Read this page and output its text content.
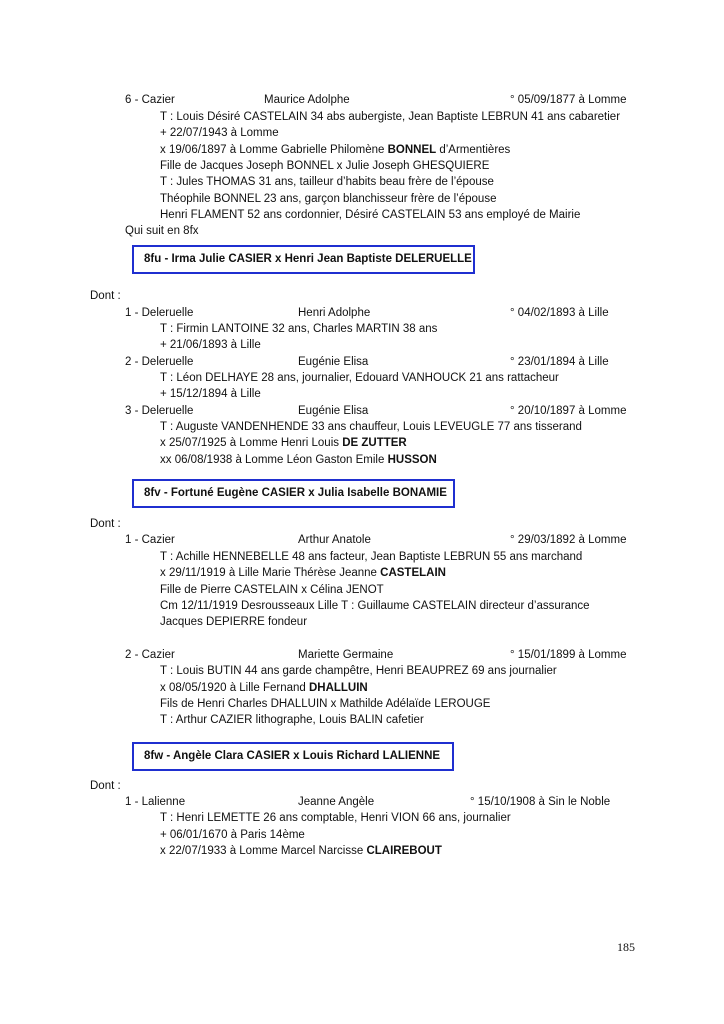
6 - Cazier	Maurice Adolphe	° 05/09/1877 à Lomme
T : Louis Désiré CASTELAIN 34 abs aubergiste, Jean Baptiste LEBRUN 41 ans cabaretier
+ 22/07/1943 à Lomme
x 19/06/1897 à Lomme Gabrielle Philomène BONNEL d’Armentières
Fille de Jacques Joseph BONNEL x Julie Joseph GHESQUIERE
T : Jules THOMAS 31 ans, tailleur d’habits beau frère de l’épouse
Théophile BONNEL 23 ans, garçon blanchisseur frère de l’épouse
Henri FLAMENT 52 ans cordonnier, Désiré CASTELAIN 53 ans employé de Mairie
Qui suit en 8fx
8fu - Irma Julie CASIER x Henri Jean Baptiste DELERUELLE
Dont :
1 - Deleruelle	Henri Adolphe	° 04/02/1893 à Lille
T : Firmin LANTOINE 32 ans, Charles MARTIN 38 ans
+ 21/06/1893 à Lille
2 - Deleruelle	Eugénie Elisa	° 23/01/1894 à Lille
T : Léon DELHAYE 28 ans, journalier, Edouard VANHOUCK 21 ans rattacheur
+ 15/12/1894 à Lille
3 - Deleruelle	Eugénie Elisa	° 20/10/1897 à Lomme
T : Auguste VANDENHENDE 33 ans chauffeur, Louis LEVEUGLE 77 ans tisserand
x 25/07/1925 à Lomme Henri Louis DE ZUTTER
xx 06/08/1938 à Lomme Léon Gaston Emile HUSSON
8fv - Fortuné Eugène CASIER x Julia Isabelle BONAMIE
Dont :
1 - Cazier	Arthur Anatole	° 29/03/1892 à Lomme
T : Achille HENNEBELLE 48 ans facteur, Jean Baptiste LEBRUN 55 ans marchand
x 29/11/1919 à Lille Marie Thérèse Jeanne CASTELAIN
Fille de Pierre CASTELAIN x Célina JENOT
Cm 12/11/1919 Desrousseaux Lille T : Guillaume CASTELAIN directeur d’assurance
Jacques DEPIERRE fondeur
2 - Cazier	Mariette Germaine	° 15/01/1899 à Lomme
T : Louis BUTIN 44 ans garde champêtre, Henri BEAUPREZ 69 ans journalier
x 08/05/1920 à Lille Fernand DHALLUIN
Fils de Henri Charles DHALLUIN x Mathilde Adélaïde LEROUGE
T : Arthur CAZIER lithographe, Louis BALIN cafetier
8fw - Angèle Clara CASIER x Louis Richard LALIENNE
Dont :
1 - Lalienne	Jeanne Angèle	° 15/10/1908 à Sin le Noble
T : Henri LEMETTE 26 ans comptable, Henri VION 66 ans, journalier
+ 06/01/1670 à Paris 14ème
x 22/07/1933 à Lomme Marcel Narcisse CLAIREBOUT
185
